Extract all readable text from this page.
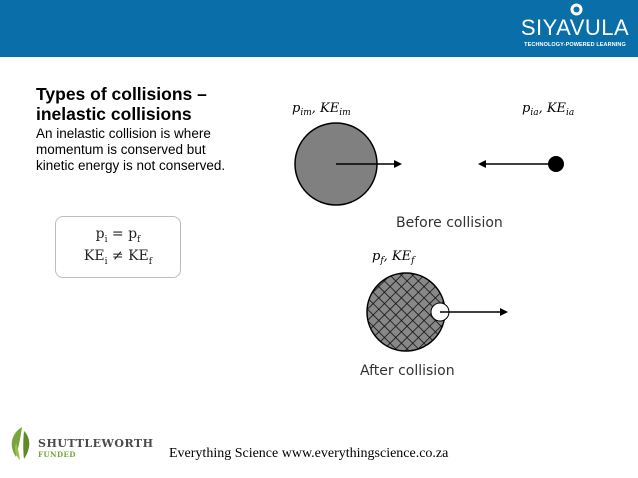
SIYAVULA
TECHNOLOGY-POWERED LEARNING
Types of collisions –
inelastic collisions

An inelastic collision is where
momentum is conserved but
kinetic energy is not conserved.

$p_i = p_f$
$KE_i \ne KE_f$
$p_{im}$, $KE_{im}$	$p_{ia}$, $KE_{ia}$
Before collision
$p_f$, $KE_f$
After collision
SHUTTLEWORTH
FUNDED	Everything Science www.everythingscience.co.za
